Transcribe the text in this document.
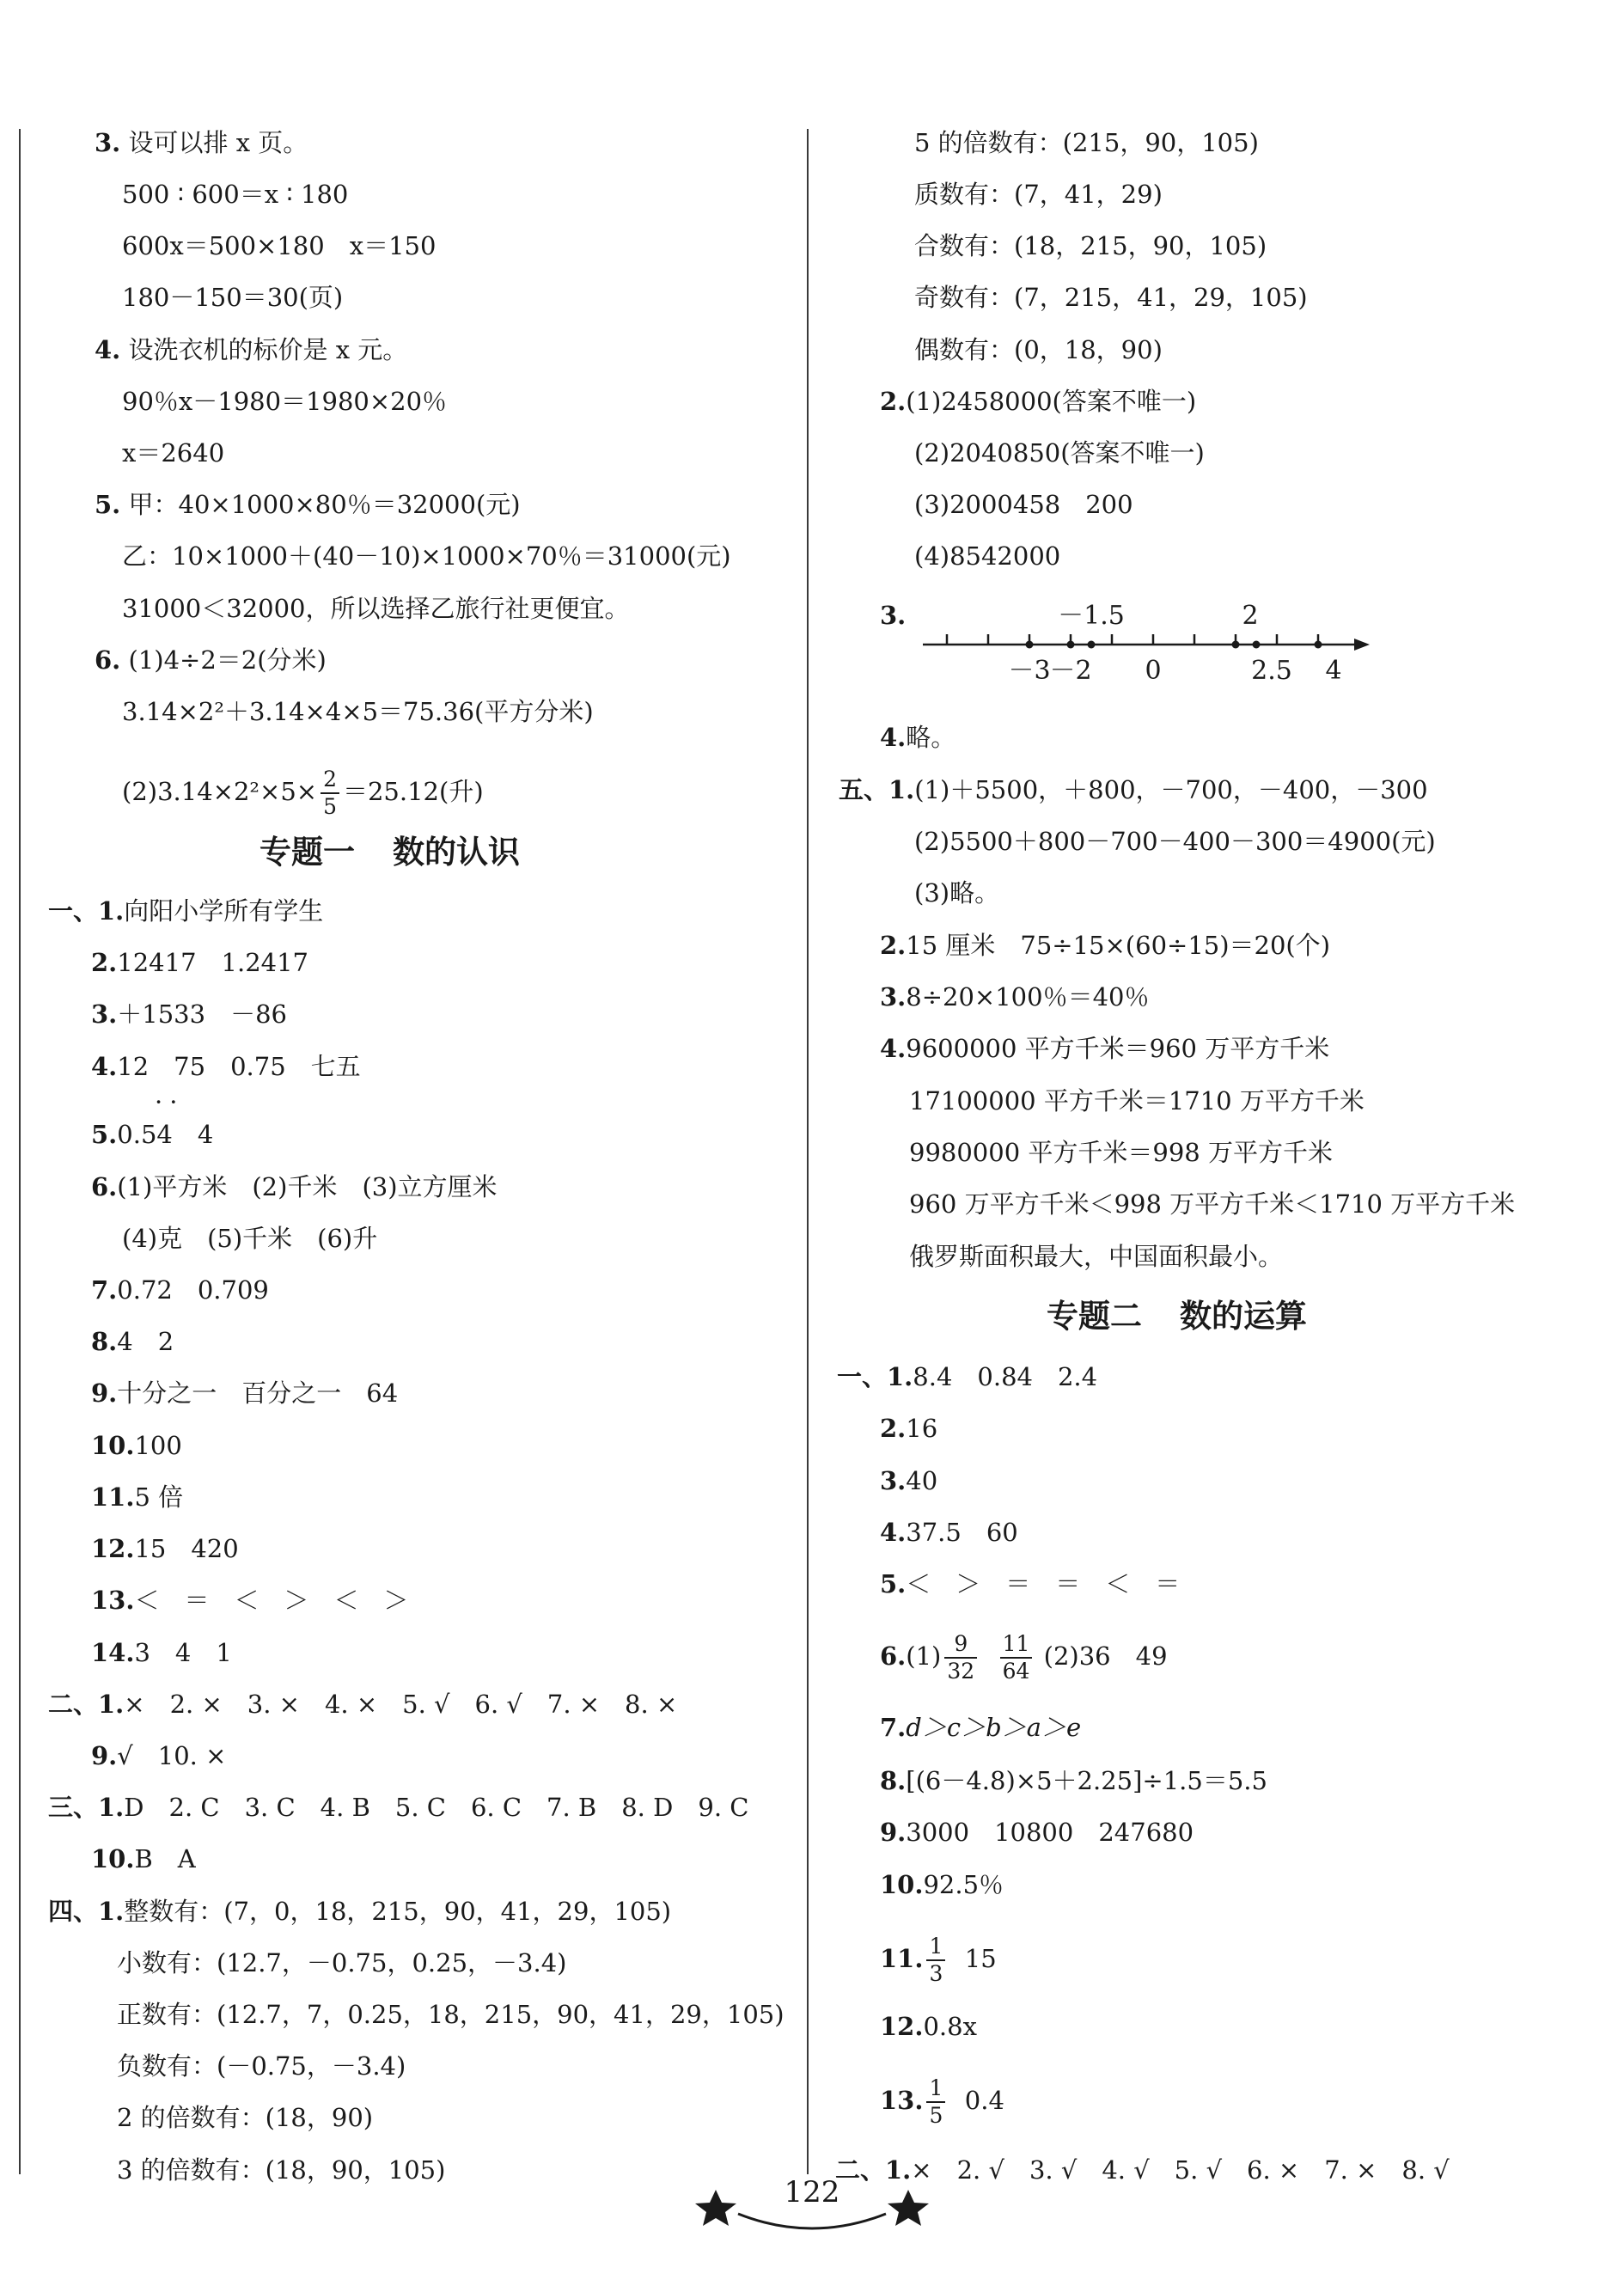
3. 设可以排 x 页。
500 ∶ 600＝x ∶ 180
600x＝500×180　x＝150
180－150＝30(页)
4. 设洗衣机的标价是 x 元。
90％x－1980＝1980×20％
x＝2640
5. 甲：40×1000×80％＝32000(元)
乙：10×1000＋(40－10)×1000×70％＝31000(元)
31000＜32000，所以选择乙旅行社更便宜。
6. (1)4÷2＝2(分米)
3.14×2²＋3.14×4×5＝75.36(平方分米)
$(2)3.14\times 2^2\times 5\times \frac{2}{5} =25.12$(升)
专题一 数的认识
一、1.向阳小学所有学生
2.12417　1.2417
3.＋1533　－86
4.12　75　0.75　七五
··
5.0.54　4
6.(1)平方米　(2)千米　(3)立方厘米
(4)克　(5)千米　(6)升
7.0.72　0.709
8.4　2
9.十分之一　百分之一　64
10.100
11.5 倍
12.15　420
13.＜　＝　＜　＞　＜　＞
14.3　4　1
二、1.×　2. ×　3. ×　4. ×　5. √　6. √　7. ×　8. ×
9.√　10. ×
三、1.D　2. C　3. C　4. B　5. C　6. C　7. B　8. D　9. C
10.B　A
四、1.整数有：(7，0，18，215，90，41，29，105)
小数有：(12.7，－0.75，0.25，－3.4)
正数有：(12.7，7，0.25，18，215，90，41，29，105)
负数有：(－0.75，－3.4)
2 的倍数有：(18，90)
3 的倍数有：(18，90，105)
5 的倍数有：(215，90，105)
质数有：(7，41，29)
合数有：(18，215，90，105)
奇数有：(7，215，41，29，105)
偶数有：(0，18，90)
2.(1)2458000(答案不唯一)
(2)2040850(答案不唯一)
(3)2000458　200
(4)8542000
3.	－1.5	2
－3
－2 0	2.5 4
4.略。
五、1.(1)＋5500，＋800，－700，－400，－300
(2)5500＋800－700－400－300＝4900(元)
(3)略。
2.15 厘米　75÷15×(60÷15)＝20(个)
3.8÷20×100％＝40％
4.9600000 平方千米＝960 万平方千米
17100000 平方千米＝1710 万平方千米
9980000 平方千米＝998 万平方千米
960 万平方千米＜998 万平方千米＜1710 万平方千米
俄罗斯面积最大，中国面积最小。
专题二 数的运算
一、1.8.4　0.84　2.4
2.16
3.40
4.37.5　60
5.＜　＞　＝　＝　＜　＝
$6.(1) \frac{9}{32}$
$\frac{11}{64} (2)36$　49
7.d＞c＞b＞a＞e
8.[(6－4.8)×5＋2.25]÷1.5＝5.5
9.3000　10800　247680
10.92.5％
11. $\frac{1}{3} 15$
12.0.8x
13. $\frac{1}{5} 0.4$
二、1.×　2. √　3. √　4. √　5. √　6. ×　7. ×　8. √
122
